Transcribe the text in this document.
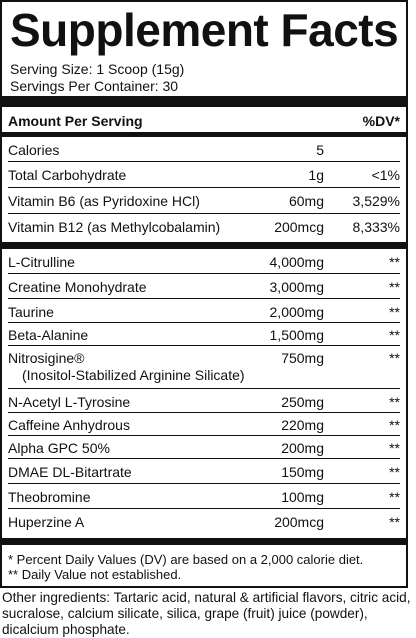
Supplement Facts
Serving Size: 1 Scoop (15g)
Servings Per Container: 30
Amount Per Serving	%DV*
Calories	5
Total Carbohydrate	1g	<1%
Vitamin B6 (as Pyridoxine HCl)	60mg 3,529%
Vitamin B12 (as Methylcobalamin)	200mcg 8,333%
L-Citrulline	4,000mg	**
Creatine Monohydrate	3,000mg	**
Taurine	2,000mg	**
Beta-Alanine	1,500mg	**
Nitrosigine®
(Inositol-Stabilized Arginine Silicate)
750mg	**
N-Acetyl L-Tyrosine	250mg	**
Caffeine Anhydrous	220mg	**
Alpha GPC 50%	200mg	**
DMAE DL-Bitartrate	150mg	**
Theobromine	100mg	**
Huperzine A	200mcg	**
* Percent Daily Values (DV) are based on a 2,000 calorie diet.
** Daily Value not established.
Other ingredients: Tartaric acid, natural & artificial flavors, citric acid, sucralose, calcium silicate, silica, grape (fruit) juice (powder), dicalcium phosphate.
